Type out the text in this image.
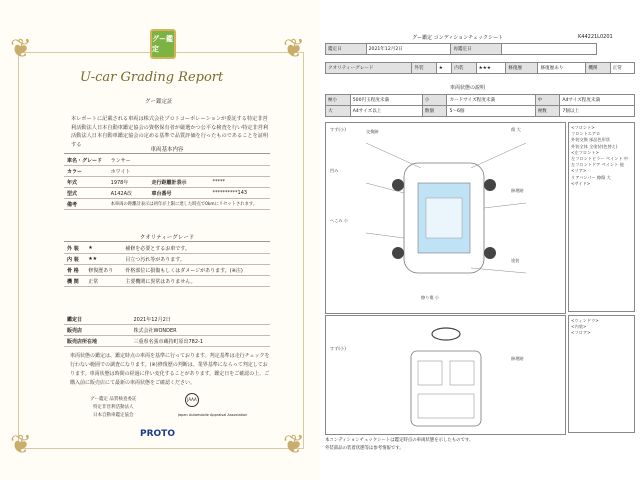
❦	❦
❦	❦
グー鑑定
U-car Grading Report
グー鑑定証
本レポートに記載される車両は株式会社プロトコーポレーションが委託する特定非営利活動法人日本自動車鑑定協会の資格保有者が厳選かつ公平な検査を行い特定非営利活動法人日本自動車鑑定協会の定める基準で品質評価を行ったものであることを証明する
車両基本内容
車名・グレード	ランサー		
カラー	ホワイト		
年式	1978年	走行距離計表示	*****
型式	A142A改	車台番号	**********143
備考	本車両の距離計表示は初年が上限に達した時点で0kmにリセットされます。		
クオリティーグレード
外 装	★	補修を必要とするお車です。
内 装	★★	目立つ汚れ等があります。
骨 格	修復歴あり	骨格部位に損傷もしくはダメージがあります。(※注)
機 関	正常	主要機関に異常はありません。
鑑定日	2021年12月2日
販売店	株式会社WONDER
販売店所在地	三重県名張市蔵持町原出782-1
車両状態の鑑定は、鑑定時点の車両を基準に行っております。判定基準は走行チェックを行わない範囲での調査になります。(※)修復歴の判断は、業界基準にならって判定しております。車両状態は時間の経過に伴い変化することがあります。鑑定日をご確認の上、ご購入前に販売店にて最新の車両状態をご確認ください。
グー鑑定 品質検査委託
特定非営利活動法人
日本自動車鑑定協会
JAAA
Japan Automobile Appraisal Association
PROTO
グー鑑定 コンディションチェックシート	K44221L0201
鑑定日	2021年12月2日	再鑑定日	
クオリティーグレード	外装	★	内装	★★★	修復歴	修復歴あり	機関	正常
車両状態の説明
極小	500円玉程度未満	小	カードサイズ程度未満	中	A4サイズ程度未満
大	A4サイズ以上	数個	5～6個	複数	7個以上
すず(小)	交換跡
凹み
へこみ 小
傷 大
修理跡
塗装
擦り傷 小
<フロント>
フロントエアロ
外装交換 部品色形状
外装全体 全塗装(色替え)
<左フロント>
左フロントピラー ペイント 中
左フロントドア ペイント 他
<リア>
リアバンパー 擦傷 大
<サイド>
すず(小)
修理跡
<ウィンドウ>
<内装>
<フロア>
本コンディションチェックシートは鑑定時点の車両状態を示したものです。
外装部品の装着状態等は参考情報です。
